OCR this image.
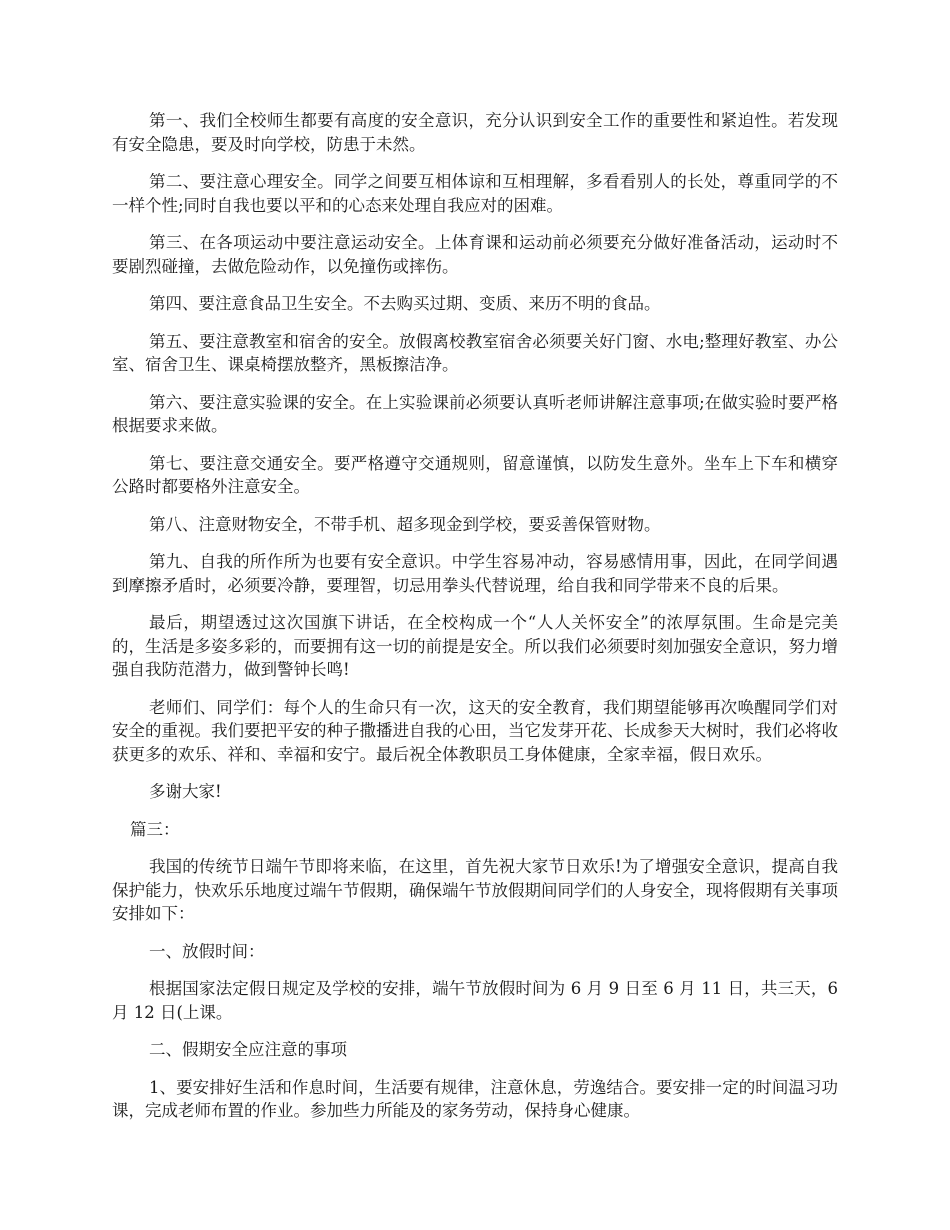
第一、我们全校师生都要有高度的安全意识，充分认识到安全工作的重要性和紧迫性。若发现有安全隐患，要及时向学校，防患于未然。

第二、要注意心理安全。同学之间要互相体谅和互相理解，多看看别人的长处，尊重同学的不一样个性;同时自我也要以平和的心态来处理自我应对的困难。

第三、在各项运动中要注意运动安全。上体育课和运动前必须要充分做好准备活动，运动时不要剧烈碰撞，去做危险动作，以免撞伤或摔伤。

第四、要注意食品卫生安全。不去购买过期、变质、来历不明的食品。

第五、要注意教室和宿舍的安全。放假离校教室宿舍必须要关好门窗、水电;整理好教室、办公室、宿舍卫生、课桌椅摆放整齐，黑板擦洁净。

第六、要注意实验课的安全。在上实验课前必须要认真听老师讲解注意事项;在做实验时要严格根据要求来做。

第七、要注意交通安全。要严格遵守交通规则，留意谨慎，以防发生意外。坐车上下车和横穿公路时都要格外注意安全。

第八、注意财物安全，不带手机、超多现金到学校，要妥善保管财物。

第九、自我的所作所为也要有安全意识。中学生容易冲动，容易感情用事，因此，在同学间遇到摩擦矛盾时，必须要冷静，要理智，切忌用拳头代替说理，给自我和同学带来不良的后果。

最后，期望透过这次国旗下讲话，在全校构成一个“人人关怀安全”的浓厚氛围。生命是完美的，生活是多姿多彩的，而要拥有这一切的前提是安全。所以我们必须要时刻加强安全意识，努力增强自我防范潜力，做到警钟长鸣!

老师们、同学们：每个人的生命只有一次，这天的安全教育，我们期望能够再次唤醒同学们对安全的重视。我们要把平安的种子撒播进自我的心田，当它发芽开花、长成参天大树时，我们必将收获更多的欢乐、祥和、幸福和安宁。最后祝全体教职员工身体健康，全家幸福，假日欢乐。

多谢大家!

篇三：

我国的传统节日端午节即将来临，在这里，首先祝大家节日欢乐!为了增强安全意识，提高自我保护能力，快欢乐乐地度过端午节假期，确保端午节放假期间同学们的人身安全，现将假期有关事项安排如下：

一、放假时间：

根据国家法定假日规定及学校的安排，端午节放假时间为 6 月 9 日至 6 月 11 日，共三天，6 月 12 日(上课。

二、假期安全应注意的事项

1、要安排好生活和作息时间，生活要有规律，注意休息，劳逸结合。要安排一定的时间温习功课，完成老师布置的作业。参加些力所能及的家务劳动，保持身心健康。
